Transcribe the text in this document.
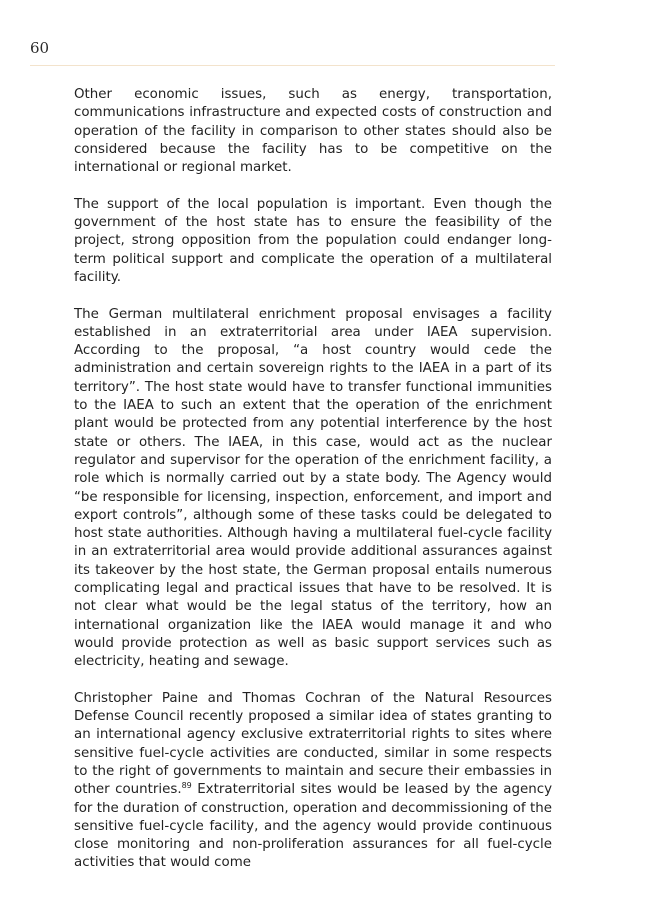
60

Other economic issues, such as energy, transportation, communications infrastructure and expected costs of construction and operation of the facility in comparison to other states should also be considered because the facility has to be competitive on the international or regional market.

The support of the local population is important. Even though the government of the host state has to ensure the feasibility of the project, strong opposition from the population could endanger long-term political support and complicate the operation of a multilateral facility.

The German multilateral enrichment proposal envisages a facility established in an extraterritorial area under IAEA supervision. According to the proposal, “a host country would cede the administration and certain sovereign rights to the IAEA in a part of its territory”. The host state would have to transfer functional immunities to the IAEA to such an extent that the operation of the enrichment plant would be protected from any potential interference by the host state or others. The IAEA, in this case, would act as the nuclear regulator and supervisor for the operation of the enrichment facility, a role which is normally carried out by a state body. The Agency would “be responsible for licensing, inspection, enforcement, and import and export controls”, although some of these tasks could be delegated to host state authorities. Although having a multilateral fuel-cycle facility in an extraterritorial area would provide additional assurances against its takeover by the host state, the German proposal entails numerous complicating legal and practical issues that have to be resolved. It is not clear what would be the legal status of the territory, how an international organization like the IAEA would manage it and who would provide protection as well as basic support services such as electricity, heating and sewage.

Christopher Paine and Thomas Cochran of the Natural Resources Defense Council recently proposed a similar idea of states granting to an international agency exclusive extraterritorial rights to sites where sensitive fuel-cycle activities are conducted, similar in some respects to the right of governments to maintain and secure their embassies in other countries.$^{89}$ Extraterritorial sites would be leased by the agency for the duration of construction, operation and decommissioning of the sensitive fuel-cycle facility, and the agency would provide continuous close monitoring and non-proliferation assurances for all fuel-cycle activities that would come
